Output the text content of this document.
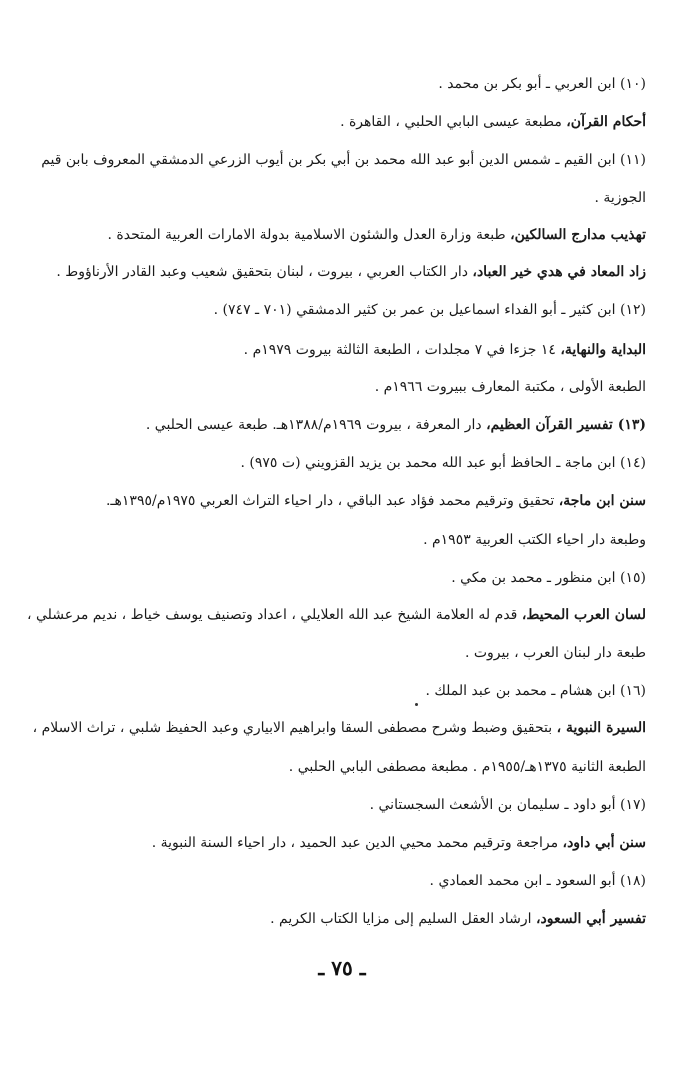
(١٠) ابن العربي ـ أبو بكر بن محمد .
أحكام القرآن، مطبعة عيسى البابي الحلبي ، القاهرة .
(١١) ابن القيم ـ شمس الدين أبو عبد الله محمد بن أبي بكر بن أيوب الزرعي الدمشقي المعروف بابن قيم
الجوزية .
تهذيب مدارج السالكين، طبعة وزارة العدل والشئون الاسلامية بدولة الامارات العربية المتحدة .
زاد المعاد في هدي خير العباد، دار الكتاب العربي ، بيروت ، لبنان بتحقيق شعيب وعبد القادر الأرناؤوط .
(١٢) ابن كثير ـ أبو الفداء اسماعيل بن عمر بن كثير الدمشقي (٧٠١ ـ ٧٤٧) .
البداية والنهاية، ١٤ جزءا في ٧ مجلدات ، الطبعة الثالثة بيروت ١٩٧٩م .
الطبعة الأولى ، مكتبة المعارف ببيروت ١٩٦٦م .
(١٣) تفسير القرآن العظيم، دار المعرفة ، بيروت ١٩٦٩م/١٣٨٨هـ. طبعة عيسى الحلبي .
(١٤) ابن ماجة ـ الحافظ أبو عبد الله محمد بن يزيد القزويني (ت ٩٧٥) .
سنن ابن ماجة، تحقيق وترقيم محمد فؤاد عبد الباقي ، دار احياء التراث العربي ١٩٧٥م/١٣٩٥هـ.
وطبعة دار احياء الكتب العربية ١٩٥٣م .
(١٥) ابن منظور ـ محمد بن مكي .
لسان العرب المحيط، قدم له العلامة الشيخ عبد الله العلايلي ، اعداد وتصنيف يوسف خياط ، نديم مرعشلي ،
طبعة دار لبنان العرب ، بيروت .
(١٦) ابن هشام ـ محمد بن عبد الملك .
السيرة النبوية ، بتحقيق وضبط وشرح مصطفى السقا وابراهيم الابياري وعبد الحفيظ شلبي ، تراث الاسلام ،
الطبعة الثانية ١٣٧٥هـ/١٩٥٥م . مطبعة مصطفى البابي الحلبي .
(١٧) أبو داود ـ سليمان بن الأشعث السجستاني .
سنن أبي داود، مراجعة وترقيم محمد محيي الدين عبد الحميد ، دار احياء السنة النبوية .
(١٨) أبو السعود ـ ابن محمد العمادي .
تفسير أبي السعود، ارشاد العقل السليم إلى مزايا الكتاب الكريم .
ـ ٧٥ ـ
